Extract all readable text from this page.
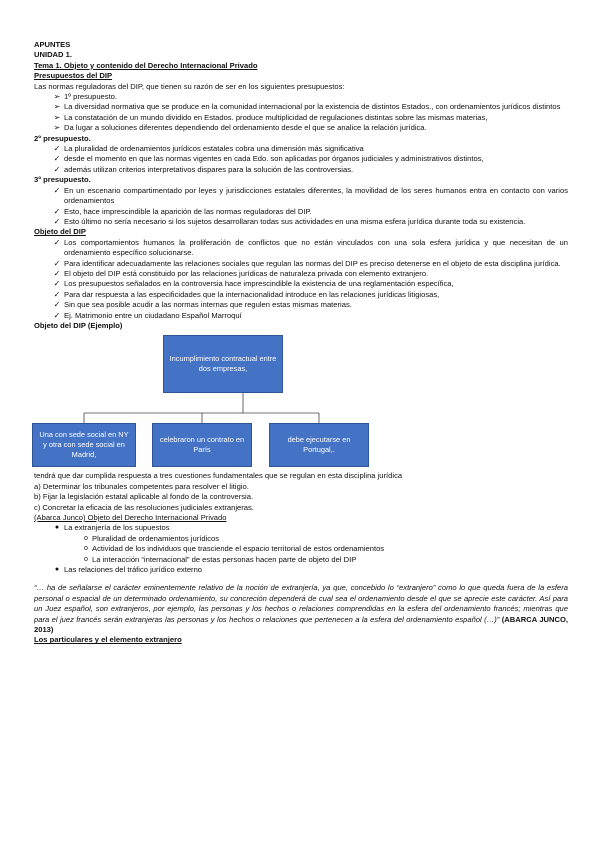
APUNTES
UNIDAD 1.
Tema 1. Objeto y contenido del Derecho Internacional Privado
Presupuestos del DIP
Las normas reguladoras del DIP, que tienen su razón de ser en los siguientes presupuestos:
➢ 1º presupuesto.
➢ La diversidad normativa que se produce en la comunidad internacional por la existencia de distintos Estados., con ordenamientos jurídicos distintos
➢ La constatación de un mundo dividido en Estados. produce multiplicidad de regulaciones distintas sobre las mismas materias,
➢ Da lugar a soluciones diferentes dependiendo del ordenamiento desde el que se analice la relación jurídica.
2º presupuesto.
✓ La pluralidad de ordenamientos jurídicos estatales cobra una dimensión más significativa
✓ desde el momento en que las normas vigentes en cada Edo. son aplicadas por órganos judiciales y administrativos distintos,
✓ además utilizan criterios interpretativos dispares para la solución de las controversias.
3º presupuesto.
✓ En un escenario compartimentado por leyes y jurisdicciones estatales diferentes, la movilidad de los seres humanos entra en contacto con varios ordenamientos
✓ Esto, hace imprescindible la aparición de las normas reguladoras del DIP.
✓ Esto último no sería necesario si los sujetos desarrollaran todas sus actividades en una misma esfera jurídica durante toda su existencia.
Objeto del DIP
✓ Los comportamientos humanos la proliferación de conflictos que no están vinculados con una sola esfera jurídica y que necesitan de un ordenamiento específico solucionarse.
✓ Para identificar adecuadamente las relaciones sociales que regulan las normas del DIP es preciso detenerse en el objeto de esta disciplina jurídica.
✓ El objeto del DIP está constituido por las relaciones jurídicas de naturaleza privada con elemento extranjero.
✓ Los presupuestos señalados en la controversia hace imprescindible la existencia de una reglamentación específica,
✓ Para dar respuesta a las especificidades que la internacionalidad introduce en las relaciones jurídicas litigiosas,
✓ Sin que sea posible acudir a las normas internas que regulen estas mismas materias.
✓ Ej. Matrimonio entre un ciudadano Español Marroquí
Objeto del DIP (Ejemplo)
Incumplimiento contractual entre dos empresas,
Una con sede social en NY y otra con sede social en Madrid,
celebraron un contrato en París
debe ejecutarse en Portugal,.
tendrá que dar cumplida respuesta a tres cuestiones fundamentales que se regulan en esta disciplina jurídica
a) Determinar los tribunales competentes para resolver el litigio.
b) Fijar la legislación estatal aplicable al fondo de la controversia.
c) Concretar la eficacia de las resoluciones judiciales extranjeras.
(Abarca Junco) Objeto del Derecho Internacional Privado
● La extranjería de los supuestos
o Pluralidad de ordenamientos jurídicos
o Actividad de los individuos que trasciende el espacio territorial de estos ordenamientos
o La interacción “internacional” de estas personas hacen parte de objeto del DIP
● Las relaciones del tráfico jurídico externo
“… ha de señalarse el carácter eminentemente relativo de la noción de extranjería, ya que, concebido lo “extranjero” como lo que queda fuera de la esfera personal o espacial de un determinado ordenamiento, su concreción dependerá de cual sea el ordenamiento desde el que se aprecie este carácter. Así para un Juez español, son extranjeros, por ejemplo, las personas y los hechos o relaciones comprendidas en la esfera del ordenamiento francés; mientras que para el juez francés serán extranjeras las personas y los hechos o relaciones que pertenecen a la esfera del ordenamiento español (…)” (ABARCA JUNCO, 2013)
Los particulares y el elemento extranjero
